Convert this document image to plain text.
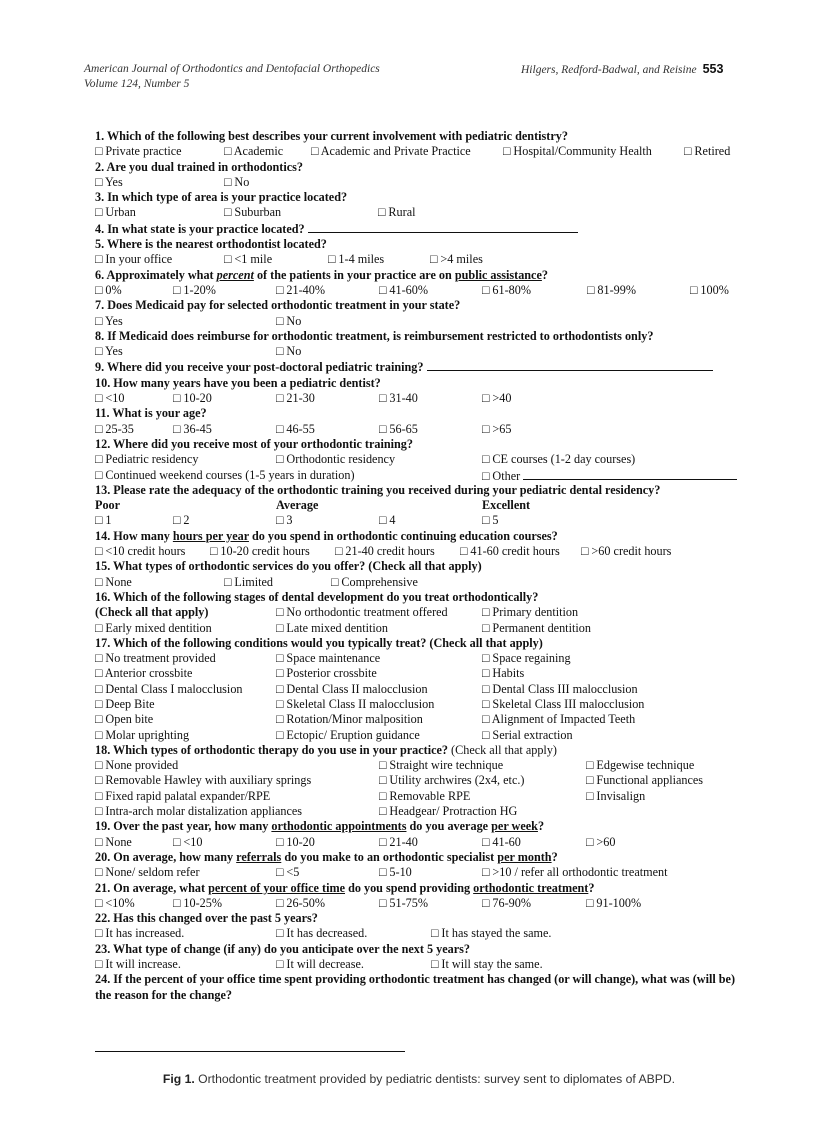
American Journal of Orthodontics and Dentofacial Orthopedics
Volume 124, Number 5
Hilgers, Redford-Badwal, and Reisine 553
1. Which of the following best describes your current involvement with pediatric dentistry?
□ Private practice	□ Academic □ Academic and Private Practice	□ Hospital/Community Health	□ Retired
2. Are you dual trained in orthodontics?
□ Yes	□ No
3. In which type of area is your practice located?
□ Urban	□ Suburban	□ Rural
4. In what state is your practice located?
5. Where is the nearest orthodontist located?
□ In your office	□ <1 mile	□ 1-4 miles	□ >4 miles
6. Approximately what percent of the patients in your practice are on public assistance?
□ 0%	□ 1-20%	□ 21-40%	□ 41-60%	□ 61-80%	□ 81-99%	□ 100%
7. Does Medicaid pay for selected orthodontic treatment in your state?
□ Yes	□ No
8. If Medicaid does reimburse for orthodontic treatment, is reimbursement restricted to orthodontists only?
□ Yes	□ No
9. Where did you receive your post-doctoral pediatric training?
10. How many years have you been a pediatric dentist?
□ <10	□ 10-20	□ 21-30	□ 31-40	□ >40
11. What is your age?
□ 25-35	□ 36-45	□ 46-55	□ 56-65	□ >65
12. Where did you receive most of your orthodontic training?
□ Pediatric residency	□ Orthodontic residency	□ CE courses (1-2 day courses)
□ Continued weekend courses (1-5 years in duration)	□ Other
13. Please rate the adequacy of the orthodontic training you received during your pediatric dental residency?
Poor	Average	Excellent
□ 1	□ 2	□ 3	□ 4	□ 5
14. How many hours per year do you spend in orthodontic continuing education courses?
□ <10 credit hours □ 10-20 credit hours □ 21-40 credit hours □ 41-60 credit hours □ >60 credit hours
15. What types of orthodontic services do you offer? (Check all that apply)
□ None	□ Limited	□ Comprehensive
16. Which of the following stages of dental development do you treat orthodontically?
(Check all that apply)	□ No orthodontic treatment offered	□ Primary dentition
□ Early mixed dentition	□ Late mixed dentition	□ Permanent dentition
17. Which of the following conditions would you typically treat? (Check all that apply)
□ No treatment provided	□ Space maintenance	□ Space regaining
□ Anterior crossbite	□ Posterior crossbite	□ Habits
□ Dental Class I malocclusion	□ Dental Class II malocclusion	□ Dental Class III malocclusion
□ Deep Bite	□ Skeletal Class II malocclusion	□ Skeletal Class III malocclusion
□ Open bite	□ Rotation/Minor malposition	□ Alignment of Impacted Teeth
□ Molar uprighting	□ Ectopic/ Eruption guidance	□ Serial extraction
18. Which types of orthodontic therapy do you use in your practice? (Check all that apply)
□ None provided	□ Straight wire technique	□ Edgewise technique
□ Removable Hawley with auxiliary springs	□ Utility archwires (2x4, etc.)	□ Functional appliances
□ Fixed rapid palatal expander/RPE	□ Removable RPE	□ Invisalign
□ Intra-arch molar distalization appliances	□ Headgear/ Protraction HG
19. Over the past year, how many orthodontic appointments do you average per week?
□ None	□ <10	□ 10-20	□ 21-40	□ 41-60	□ >60
20. On average, how many referrals do you make to an orthodontic specialist per month?
□ None/ seldom refer	□ <5	□ 5-10	□ >10 / refer all orthodontic treatment
21. On average, what percent of your office time do you spend providing orthodontic treatment?
□ <10%	□ 10-25%	□ 26-50%	□ 51-75%	□ 76-90%	□ 91-100%
22. Has this changed over the past 5 years?
□ It has increased.	□ It has decreased.	□ It has stayed the same.
23. What type of change (if any) do you anticipate over the next 5 years?
□ It will increase.	□ It will decrease.	□ It will stay the same.
24. If the percent of your office time spent providing orthodontic treatment has changed (or will change), what was (will be) the reason for the change?
Fig 1. Orthodontic treatment provided by pediatric dentists: survey sent to diplomates of ABPD.
